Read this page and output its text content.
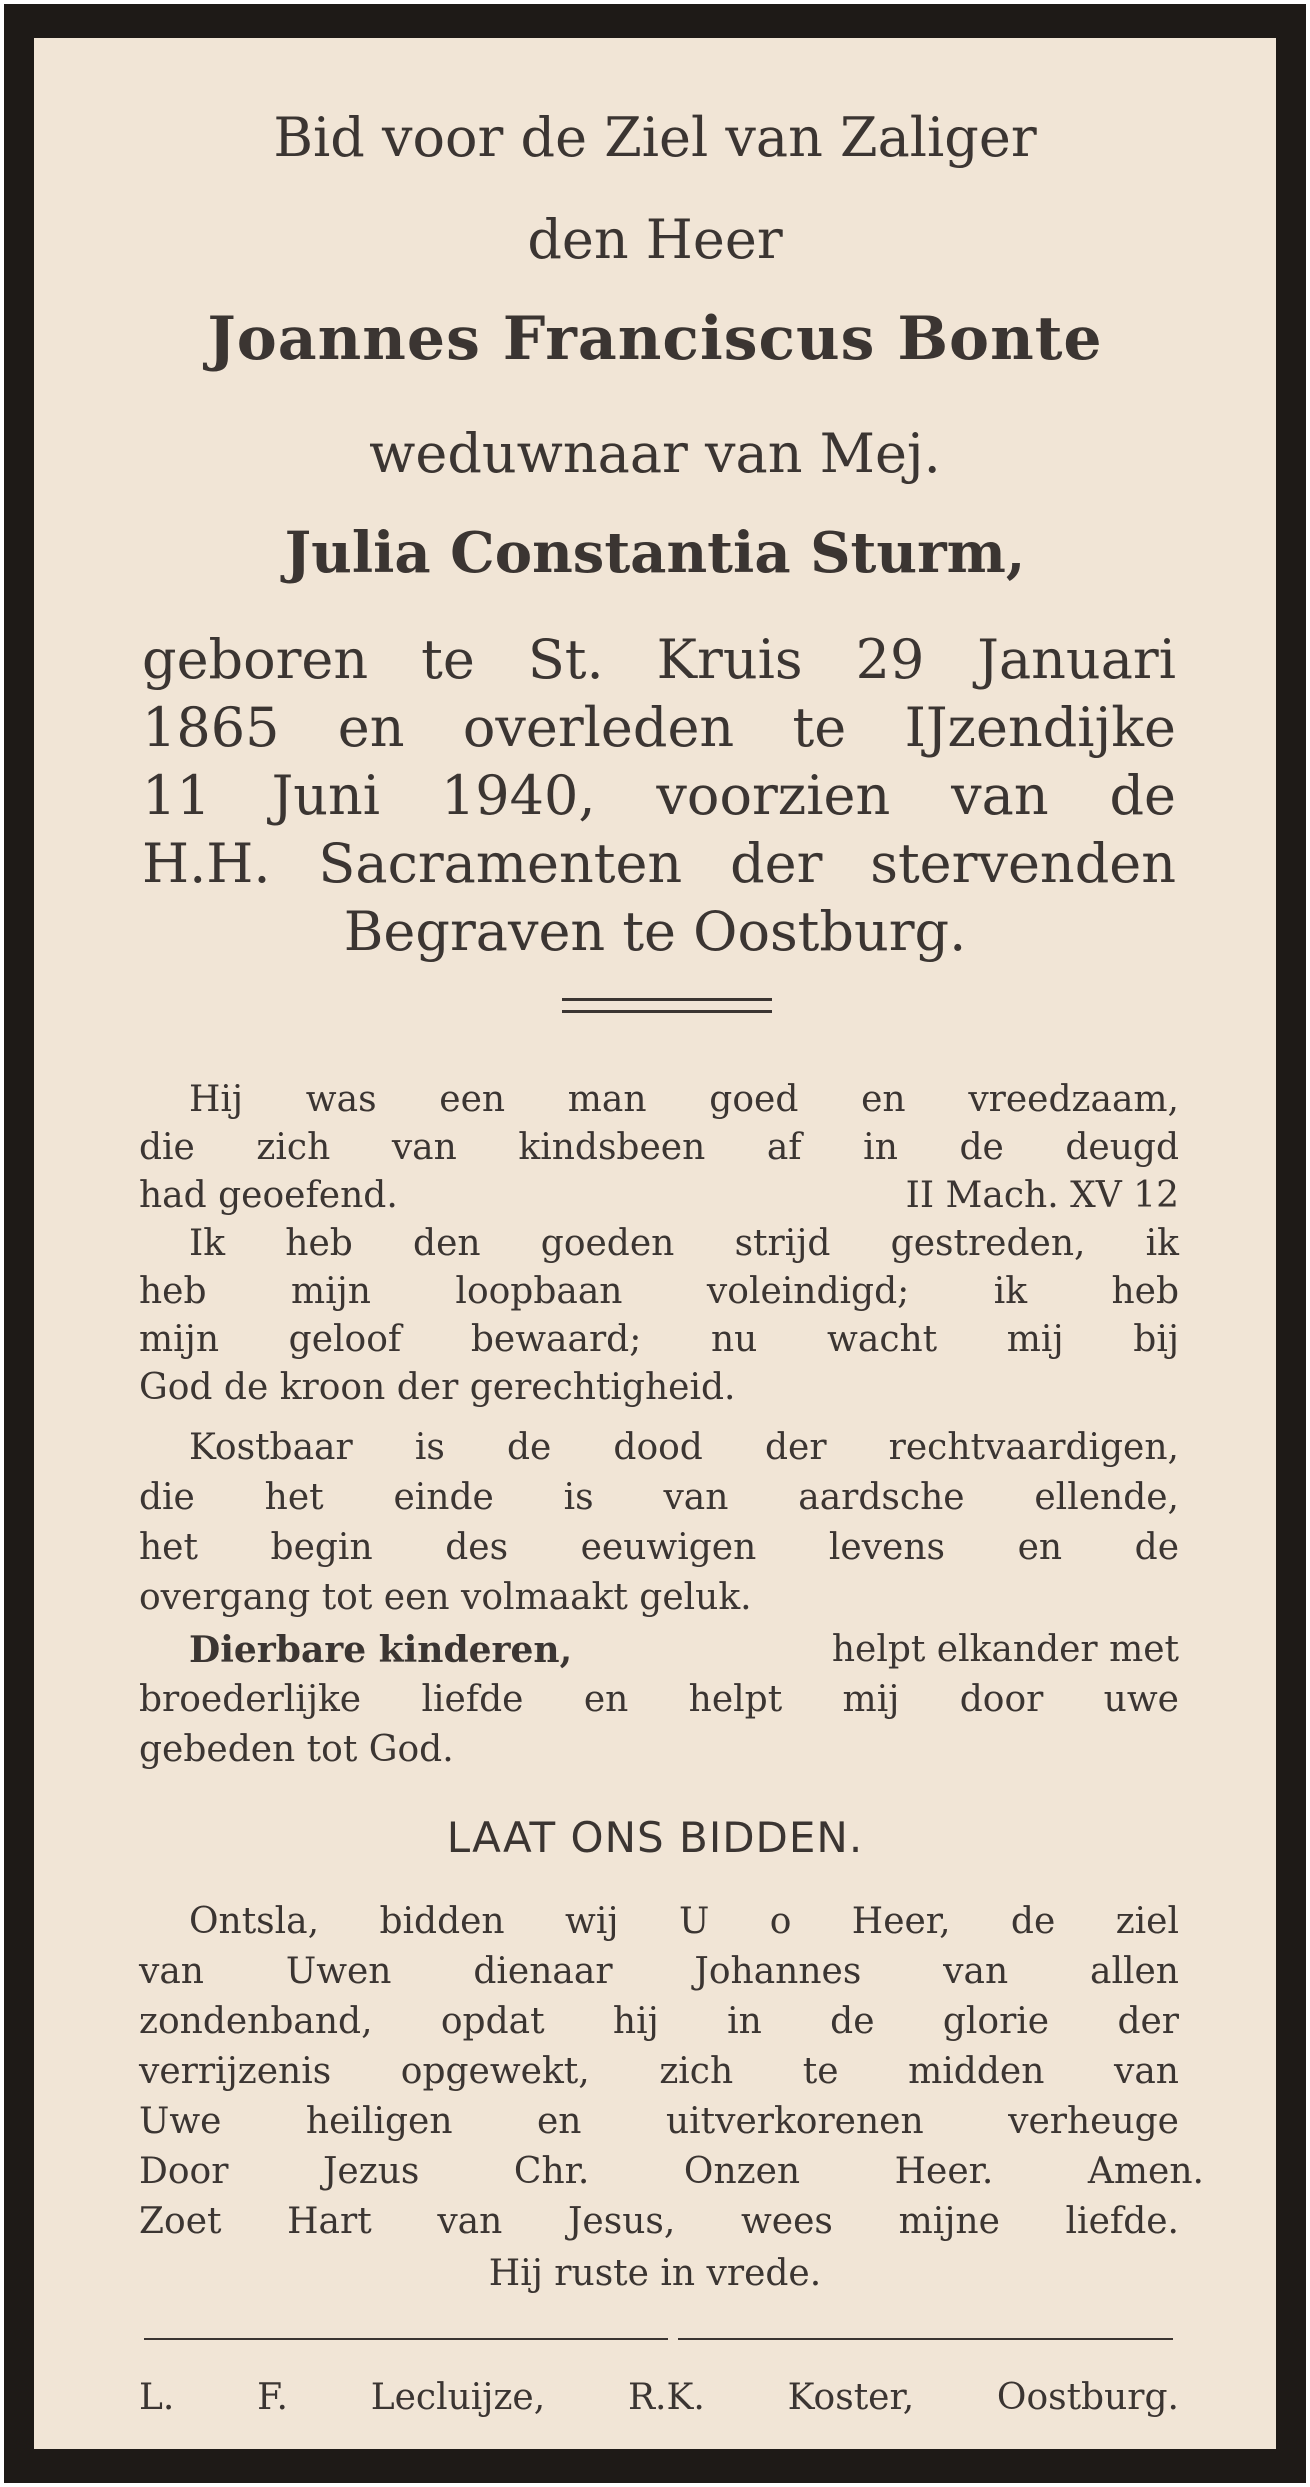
Bid voor de Ziel van Zaliger
den Heer
Joannes Franciscus Bonte
weduwnaar van Mej.
Julia Constantia Sturm,
geboren te St. Kruis 29 Januari
1865 en overleden te IJzendijke
11 Juni 1940, voorzien van de
H.H. Sacramenten der stervenden
Begraven te Oostburg.
Hij was een man goed en vreedzaam,
die zich van kindsbeen af in de deugd
had geoefend.	II Mach. XV 12
Ik heb den goeden strijd gestreden, ik
heb mijn loopbaan voleindigd; ik heb
mijn geloof bewaard; nu wacht mij bij
God de kroon der gerechtigheid.
Kostbaar is de dood der rechtvaardigen,
die het einde is van aardsche ellende,
het begin des eeuwigen levens en de
overgang tot een volmaakt geluk.
Dierbare kinderen,	helpt elkander met
broederlijke liefde en helpt mij door uwe
gebeden tot God.
LAAT ONS BIDDEN.
Ontsla, bidden wij U o Heer, de ziel
van Uwen dienaar Johannes van allen
zondenband, opdat hij in de glorie der
verrijzenis opgewekt, zich te midden van
Uwe heiligen en uitverkorenen verheuge
Door Jezus Chr. Onzen Heer. Amen.
Zoet Hart van Jesus, wees mijne liefde.
Hij ruste in vrede.
L. F. Lecluijze, R.K. Koster, Oostburg.
